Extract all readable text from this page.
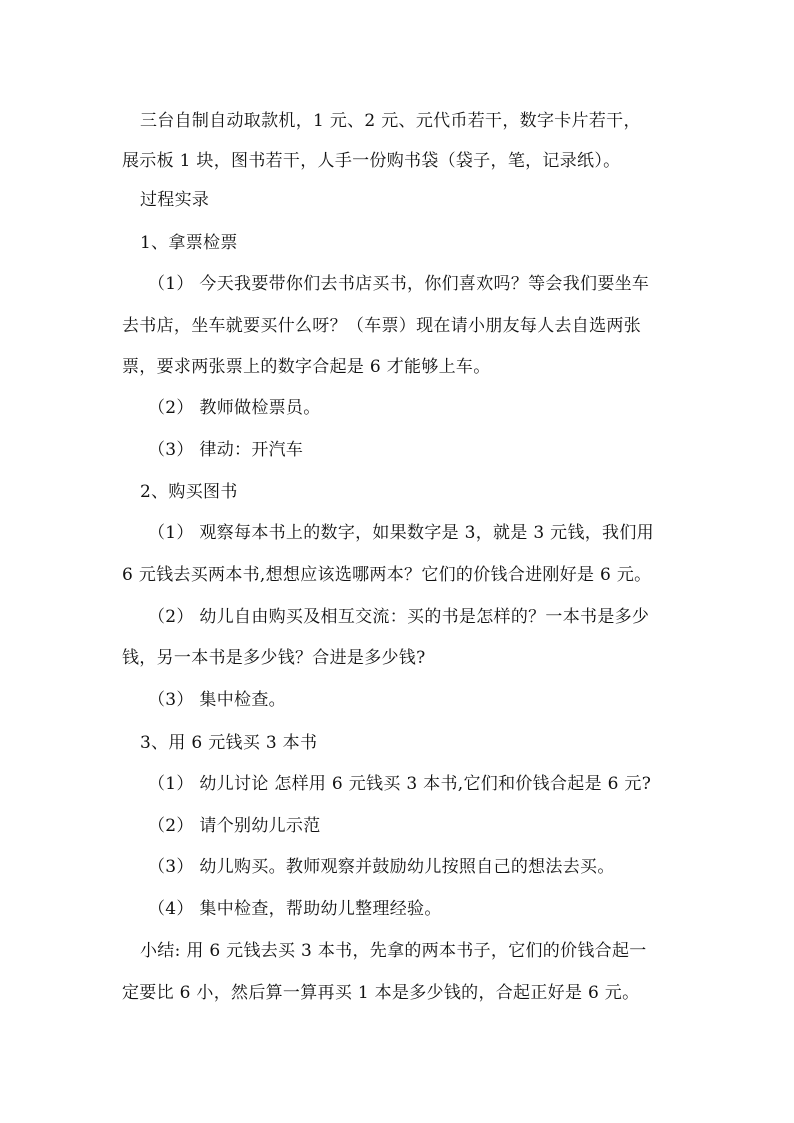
三台自制自动取款机，1 元、2 元、元代币若干，数字卡片若干，
展示板 1 块，图书若干，人手一份购书袋（袋子，笔，记录纸）。
过程实录
1、拿票检票
（1） 今天我要带你们去书店买书，你们喜欢吗？等会我们要坐车
去书店，坐车就要买什么呀？（车票）现在请小朋友每人去自选两张
票，要求两张票上的数字合起是 6 才能够上车。
（2） 教师做检票员。
（3） 律动：开汽车
2、购买图书
（1） 观察每本书上的数字，如果数字是 3，就是 3 元钱，我们用
6 元钱去买两本书,想想应该选哪两本？它们的价钱合进刚好是 6 元。
（2） 幼儿自由购买及相互交流：买的书是怎样的？一本书是多少
钱，另一本书是多少钱？合进是多少钱?
（3） 集中检查。
3、用 6 元钱买 3 本书
（1） 幼儿讨论 怎样用 6 元钱买 3 本书,它们和价钱合起是 6 元?
（2） 请个别幼儿示范
（3） 幼儿购买。教师观察并鼓励幼儿按照自己的想法去买。
（4） 集中检查，帮助幼儿整理经验。
小结: 用 6 元钱去买 3 本书，先拿的两本书子，它们的价钱合起一
定要比 6 小，然后算一算再买 1 本是多少钱的，合起正好是 6 元。
